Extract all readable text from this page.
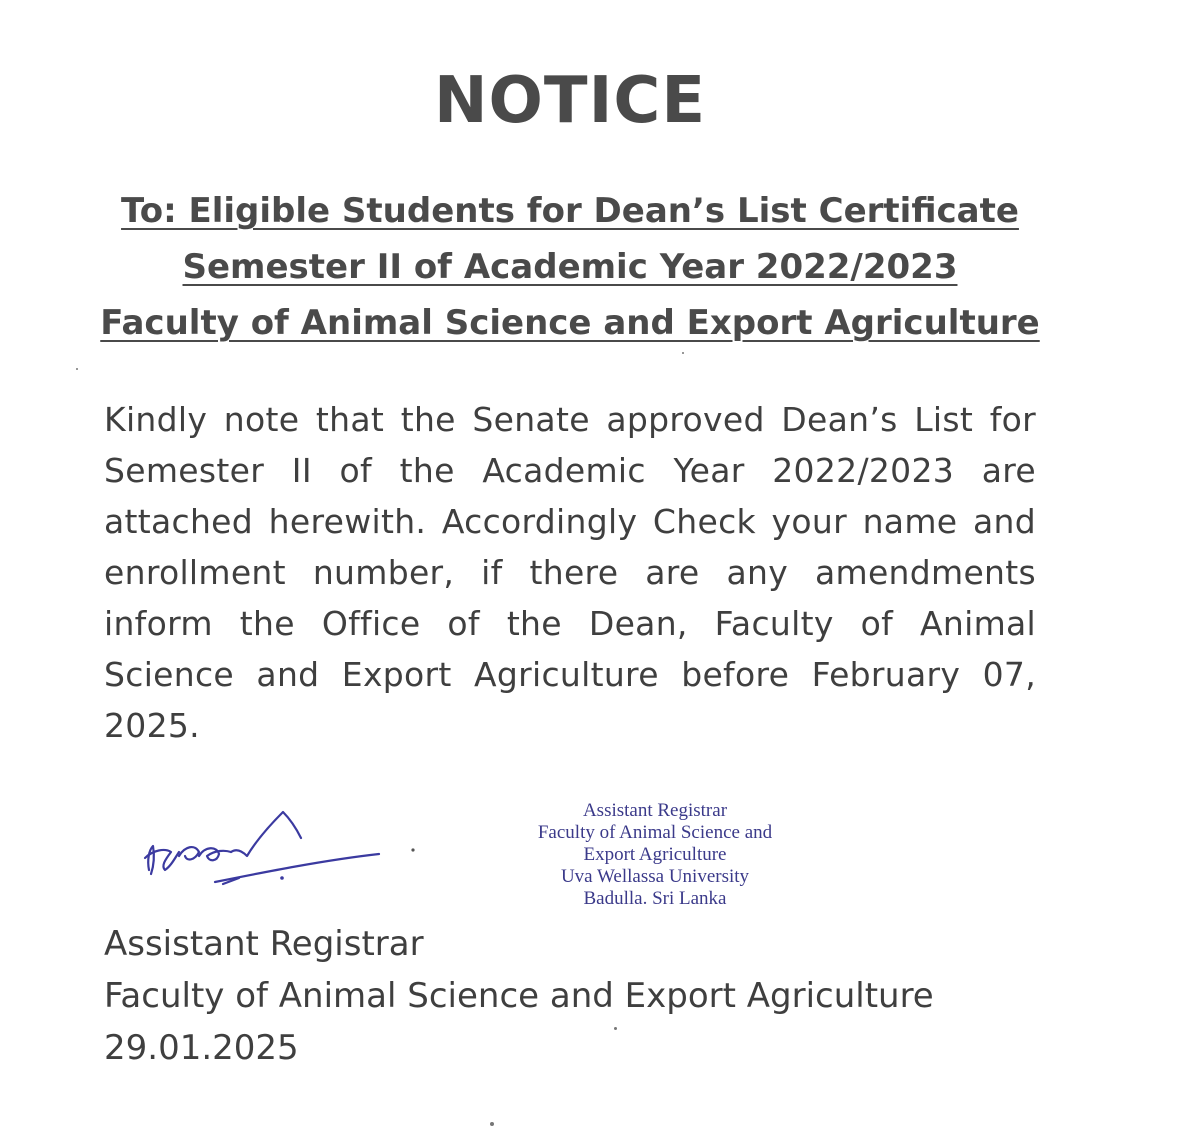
NOTICE
To: Eligible Students for Dean’s List Certificate
Semester II of Academic Year 2022/2023
Faculty of Animal Science and Export Agriculture

Kindly note that the Senate approved Dean’s List for Semester II of the Academic Year 2022/2023 are attached herewith. Accordingly Check your name and enrollment number, if there are any amendments inform the Office of the Dean, Faculty of Animal Science and Export Agriculture before February 07, 2025.

Assistant Registrar
Faculty of Animal Science and
Export Agriculture
Uva Wellassa University
Badulla. Sri Lanka
Assistant Registrar
Faculty of Animal Science and Export Agriculture
29.01.2025
